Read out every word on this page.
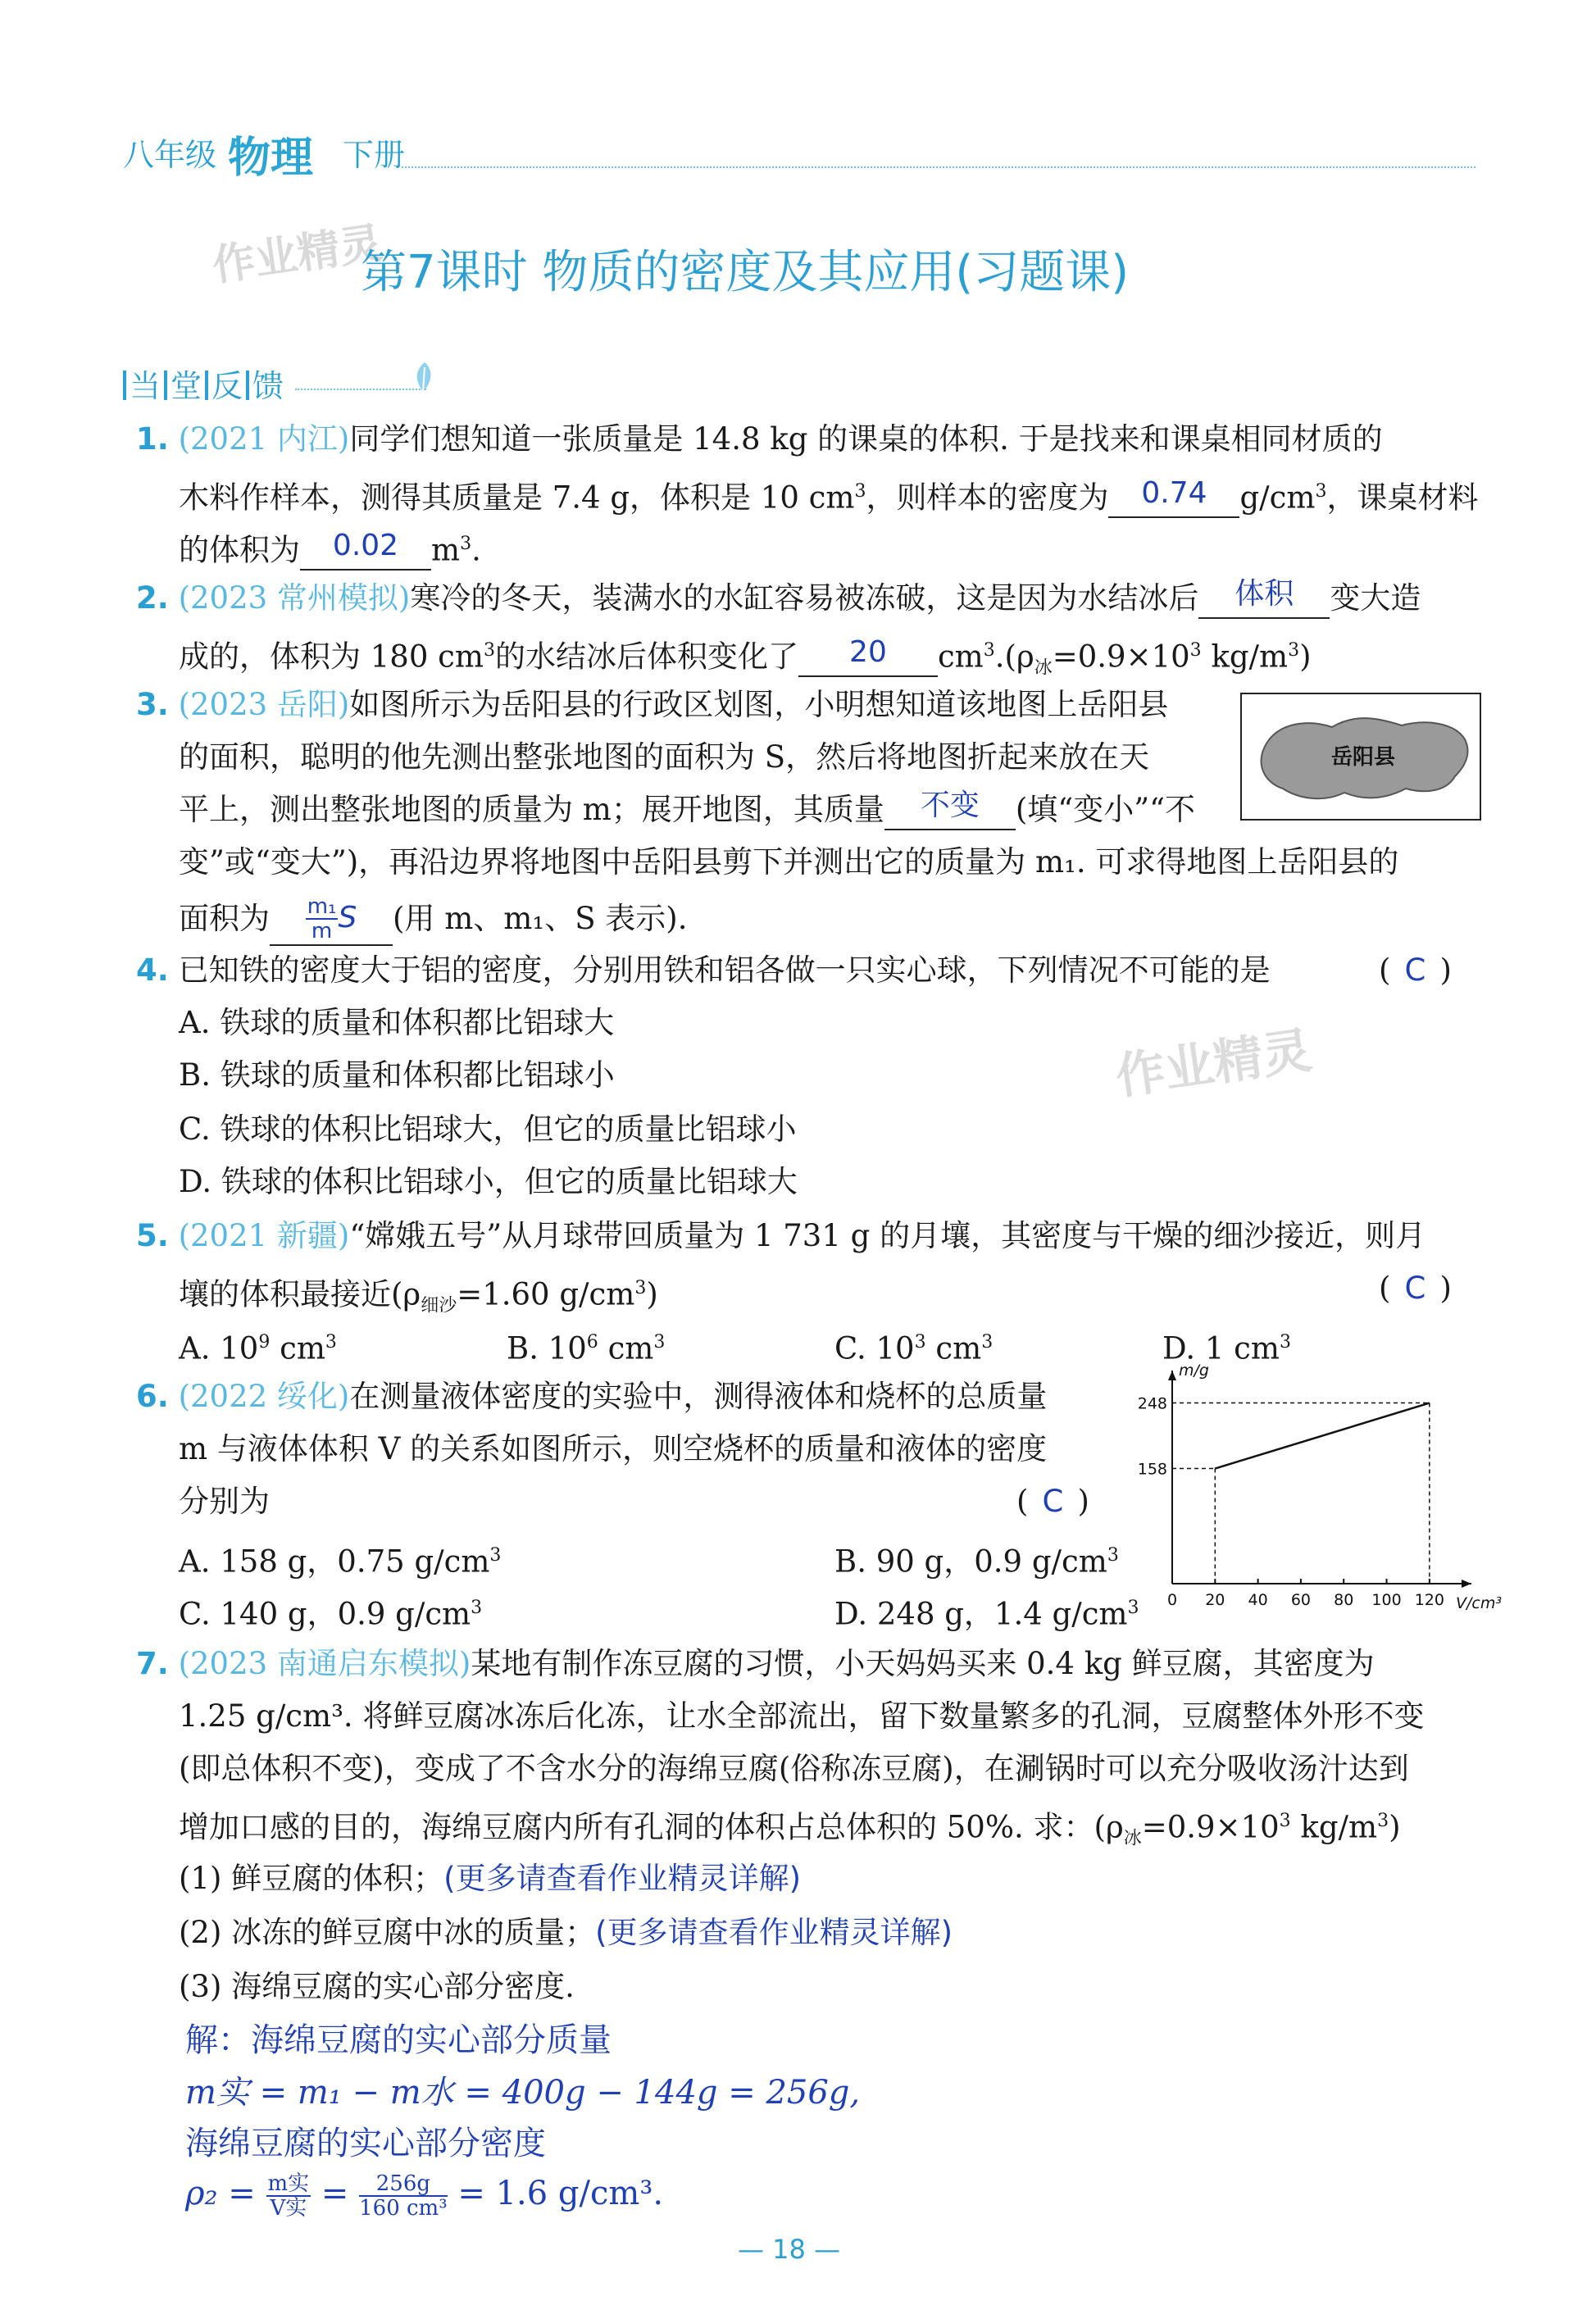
八年级 物理 下册
作业精灵
第7课时 物质的密度及其应用(习题课)
当 堂 反 馈
1. (2021 内江)同学们想知道一张质量是 14.8 kg 的课桌的体积. 于是找来和课桌相同材质的
木料作样本，测得其质量是 7.4 g，体积是 10 $cm^3$，则样本的密度为 0.74 $g/cm^3$，课桌材料
的体积为 0.02 $m^3$.
2. (2023 常州模拟)寒冷的冬天，装满水的水缸容易被冻破，这是因为水结冰后 体积 变大造
成的，体积为 180 $cm^3$的水结冰后体积变化了 20 $cm^3.(\rho_冰=0.9\times 10^3$ $kg/m^3$)
3. (2023 岳阳)如图所示为岳阳县的行政区划图，小明想知道该地图上岳阳县
的面积，聪明的他先测出整张地图的面积为 S，然后将地图折起来放在天
平上，测出整张地图的质量为 m；展开地图，其质量 不变 (填“变小”“不
变”或“变大”)，再沿边界将地图中岳阳县剪下并测出它的质量为 m₁. 可求得地图上岳阳县的
面积为 $\frac{\text{m₁}}{m}$ S (用 m、m₁、S 表示).
岳阳县
4. 已知铁的密度大于铝的密度，分别用铁和铝各做一只实心球，下列情况不可能的是	( C )
A. 铁球的质量和体积都比铝球大
B. 铁球的质量和体积都比铝球小
C. 铁球的体积比铝球大，但它的质量比铝球小
D. 铁球的体积比铝球小，但它的质量比铝球大
作业精灵
5. (2021 新疆)“嫦娥五号”从月球带回质量为 1 731 g 的月壤，其密度与干燥的细沙接近，则月
壤的体积最接近($\rho_{细沙}=1.60$ $g/cm^3$)	( C )
A. $10^9$ $cm^3$	B. $10^6$ $cm^3$	C. $10^3$ $cm^3$	D. 1 $cm^3$
6. (2022 绥化)在测量液体密度的实验中，测得液体和烧杯的总质量
m 与液体体积 V 的关系如图所示，则空烧杯的质量和液体的密度
分别为	( C )
A. 158 g，0.75 $g/cm^3$	B. 90 g，0.9 $g/cm^3$
C. 140 g，0.9 $g/cm^3$	D. 248 g，1.4 $g/cm^3$ 0 20 40 60 80 100 120
158
248
m/g
V/cm³
7. (2023 南通启东模拟)某地有制作冻豆腐的习惯，小天妈妈买来 0.4 kg 鲜豆腐，其密度为
1.25 g/cm³. 将鲜豆腐冰冻后化冻，让水全部流出，留下数量繁多的孔洞，豆腐整体外形不变
(即总体积不变)，变成了不含水分的海绵豆腐(俗称冻豆腐)，在涮锅时可以充分吸收汤汁达到
增加口感的目的，海绵豆腐内所有孔洞的体积占总体积的 50%. 求：($\rho_冰=0.9\times 10^3$ $kg/m^3$)
(1) 鲜豆腐的体积；(更多请查看作业精灵详解)
(2) 冰冻的鲜豆腐中冰的质量；(更多请查看作业精灵详解)
(3) 海绵豆腐的实心部分密度.
解：海绵豆腐的实心部分质量
m实 = m₁ − m水 = 400g − 144g = 256g,
海绵豆腐的实心部分密度
$\rho_2 = \frac{\text{m实}}{\text{V实}} = \frac{256g}{\text{160 cm³}} = 1.6$ g/cm³.
— 18 —
